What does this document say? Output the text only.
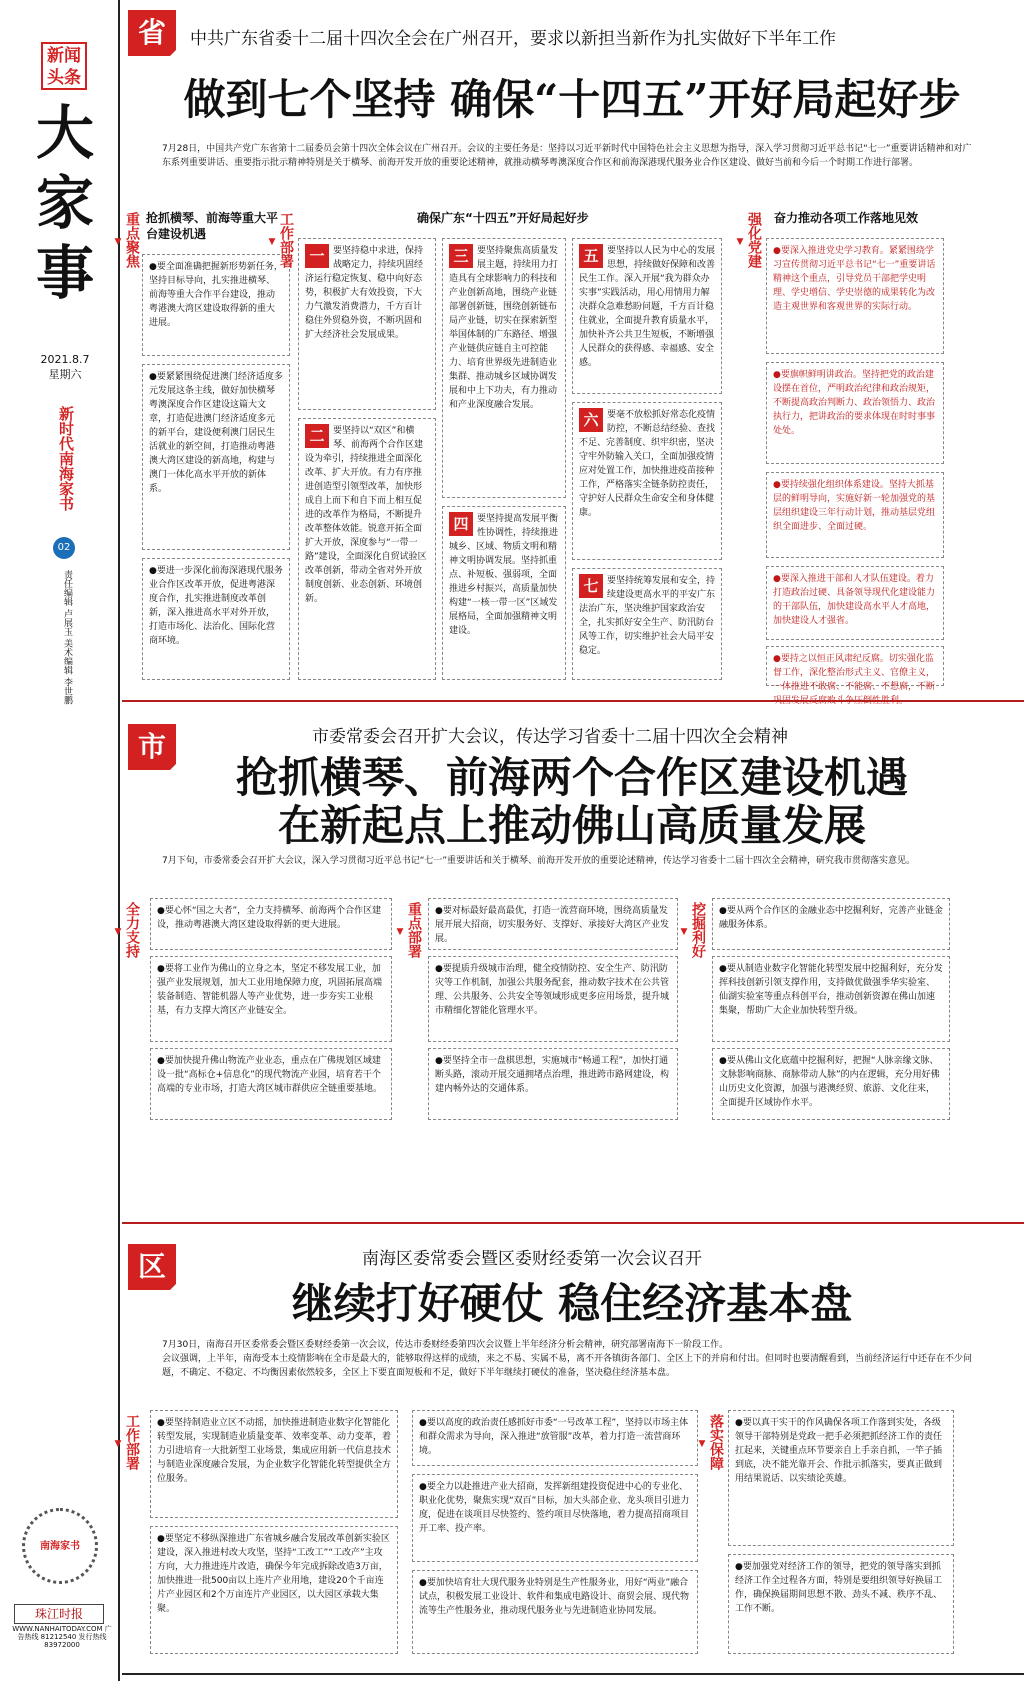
新闻头条
大家事
2021.8.7
星期六
新时代南海家书
02
责任编辑 卢展玉 美术编辑 李世鹏
南海家书
珠江时报
WWW.NANHAITODAY.COM 广告热线 81212540 发行热线 83972000
省	中共广东省委十二届十四次全会在广州召开，要求以新担当新作为扎实做好下半年工作
做到七个坚持 确保“十四五”开好局起好步
7月28日，中国共产党广东省第十二届委员会第十四次全体会议在广州召开。会议的主要任务是：坚持以习近平新时代中国特色社会主义思想为指导，深入学习贯彻习近平总书记“七一”重要讲话精神和对广东系列重要讲话、重要指示批示精神特别是关于横琴、前海开发开放的重要论述精神，就推动横琴粤澳深度合作区和前海深港现代服务业合作区建设、做好当前和今后一个时期工作进行部署。
重点聚焦 ▼ 抢抓横琴、前海等重大平台建设机遇
●要全面准确把握新形势新任务，坚持目标导向，扎实推进横琴、前海等重大合作平台建设，推动粤港澳大湾区建设取得新的重大进展。
●要紧紧围绕促进澳门经济适度多元发展这条主线，做好加快横琴粤澳深度合作区建设这篇大文章，打造促进澳门经济适度多元的新平台，建设便利澳门居民生活就业的新空间，打造推动粤港澳大湾区建设的新高地，构建与澳门一体化高水平开放的新体系。
●要进一步深化前海深港现代服务业合作区改革开放，促进粤港深度合作，扎实推进制度改革创新，深入推进高水平对外开放，打造市场化、法治化、国际化营商环境。
工作部署 ▼	确保广东“十四五”开好局起好步
一 要坚持稳中求进，保持战略定力，持续巩固经济运行稳定恢复、稳中向好态势，积极扩大有效投资，下大力气激发消费潜力，千方百计稳住外贸稳外资，不断巩固和扩大经济社会发展成果。
二 要坚持以“双区”和横琴、前海两个合作区建设为牵引，持续推进全面深化改革、扩大开放。有力有序推进创造型引领型改革，加快形成自上而下和自下而上相互促进的改革作为格局，不断提升改革整体效能。锐意开拓全面扩大开放，深度参与“一带一路”建设，全面深化自贸试验区改革创新，带动全省对外开放制度创新、业态创新、环境创新。
三 要坚持聚焦高质量发展主题，持续用力打造具有全球影响力的科技和产业创新高地，围绕产业链部署创新链，围绕创新链布局产业链，切实在探索新型举国体制的广东路径、增强产业链供应链自主可控能力、培育世界级先进制造业集群、推动城乡区域协调发展和中上下功夫，有力推动和产业深度融合发展。
四 要坚持提高发展平衡性协调性，持续推进城乡、区域、物质文明和精神文明协调发展。坚持抓重点、补短板、强弱项，全面推进乡村振兴，高质量加快构建“一核一带一区”区域发展格局，全面加强精神文明建设。
五 要坚持以人民为中心的发展思想，持续做好保障和改善民生工作。深入开展“我为群众办实事”实践活动，用心用情用力解决群众急难愁盼问题，千方百计稳住就业，全面提升教育质量水平，加快补齐公共卫生短板，不断增强人民群众的获得感、幸福感、安全感。
六 要毫不放松抓好常态化疫情防控，不断总结经验、查找不足、完善制度、织牢织密，坚决守牢外防输入关口，全面加强疫情应对处置工作，加快推进疫苗接种工作，严格落实全链条防控责任，守护好人民群众生命安全和身体健康。
七 要坚持统筹发展和安全，持续建设更高水平的平安广东法治广东，坚决维护国家政治安全，扎实抓好安全生产、防汛防台风等工作，切实维护社会大局平安稳定。
强化党建 ▼ 奋力推动各项工作落地见效
●要深入推进党史学习教育。紧紧围绕学习宣传贯彻习近平总书记“七一”重要讲话精神这个重点，引导党员干部把学史明理、学史增信、学史崇德的成果转化为改造主观世界和客观世界的实际行动。
●要旗帜鲜明讲政治。坚持把党的政治建设摆在首位，严明政治纪律和政治规矩，不断提高政治判断力、政治领悟力、政治执行力，把讲政治的要求体现在时时事事处处。
●要持续强化组织体系建设。坚持大抓基层的鲜明导向，实施好新一轮加强党的基层组织建设三年行动计划，推动基层党组织全面进步、全面过硬。
●要深入推进干部和人才队伍建设。着力打造政治过硬、具备领导现代化建设能力的干部队伍，加快建设高水平人才高地，加快建设人才强省。
●要持之以恒正风肃纪反腐。切实强化监督工作，深化整治形式主义、官僚主义，一体推进不敢腐、不能腐、不想腐，不断
市	市委常委会召开扩大会议，传达学习省委十二届十四次全会精神
抢抓横琴、前海两个合作区建设机遇
在新起点上推动佛山高质量发展
7月下旬，市委常委会召开扩大会议，深入学习贯彻习近平总书记“七一”重要讲话和关于横琴、前海开发开放的重要论述精神，传达学习省委十二届十四次全会精神，研究我市贯彻落实意见。
全力支持 ▼	●要心怀“国之大者”，全力支持横琴、前海两个合作区建设，推动粤港澳大湾区建设取得新的更大进展。
●要将工业作为佛山的立身之本，坚定不移发展工业，加强产业发展规划，加大工业用地保障力度，巩固拓展高端装备制造、智能机器人等产业优势，进一步夯实工业根基，有力支撑大湾区产业链安全。
●要加快提升佛山物流产业业态，重点在广佛规划区域建设一批“高标仓+信息化”的现代物流产业园，培育若干个高端的专业市场，打造大湾区城市群供应全链重要基地。
重点部署 ▼	●要对标最好最高最优，打造一流营商环境，围绕高质量发展开展大招商，切实服务好、支撑好、承接好大湾区产业发展。
●要提质升级城市治理，健全疫情防控、安全生产、防汛防灾等工作机制，加强公共服务配套，推动数字技术在公共管理、公共服务、公共安全等领域形成更多应用场景，提升城市精细化智能化管理水平。
●要坚持全市一盘棋思想，实施城市“畅通工程”，加快打通断头路，滚动开展交通拥堵点治理，推进跨市路网建设，构建内畅外达的交通体系。
挖掘利好 ▼	●要从两个合作区的金融业态中挖掘利好，完善产业链金融服务体系。
●要从制造业数字化智能化转型发展中挖掘利好，充分发挥科技创新引领支撑作用，支持做优做强季华实验室、仙湖实验室等重点科创平台，推动创新资源在佛山加速集聚，帮助广大企业加快转型升级。
●要从佛山文化底蕴中挖掘利好，把握“人脉亲缘文脉、文脉影响商脉、商脉带动人脉”的内在逻辑，充分用好佛山历史文化资源，加强与港澳经贸、旅游、文化往来，全面提升区域协作水平。
区	南海区委常委会暨区委财经委第一次会议召开
继续打好硬仗 稳住经济基本盘
7月30日，南海召开区委常委会暨区委财经委第一次会议，传达市委财经委第四次会议暨上半年经济分析会精神，研究部署南海下一阶段工作。
会议强调，上半年，南海受本土疫情影响在全市是最大的，能够取得这样的成绩，来之不易、实属不易，离不开各镇街各部门、全区上下的并肩和付出。但同时也要清醒看到，当前经济运行中还存在不少问题，不确定、不稳定、不均衡因素依然较多，全区上下要直面短板和不足，做好下半年继续打硬仗的准备，坚决稳住经济基本盘。
工作部署 ▼	●要坚持制造业立区不动摇，加快推进制造业数字化智能化转型发展，实现制造业质量变革、效率变革、动力变革，着力引进培育一大批新型工业场景，集成应用新一代信息技术与制造业深度融合发展，为企业数字化智能化转型提供全方位服务。
●要坚定不移纵深推进广东省城乡融合发展改革创新实验区建设，深入推进村改大攻坚，坚持“工改工”“工改产”主攻方向，大力推进连片改造，确保今年完成拆除改造3万亩，加快推进一批500亩以上连片产业用地，建设20个千亩连片产业园区和2个万亩连片产业园区，以大园区承载大集聚。
●要以高度的政治责任感抓好市委“一号改革工程”，坚持以市场主体和群众需求为导向，深入推进“放管服”改革，着力打造一流营商环境。
●要全力以赴推进产业大招商，发挥新组建投资促进中心的专业化、职业化优势，聚焦实现“双百”目标，加大头部企业、龙头项目引进力度，促进在谈项目尽快签约、签约项目尽快落地，着力提高招商项目开工率、投产率。
●要加快培育壮大现代服务业特别是生产性服务业，用好“两业”融合试点，积极发展工业设计、软件和集成电路设计、商贸会展、现代物流等生产性服务业，推动现代服务业与先进制造业协同发展。
落实保障 ▼	●要以真干实干的作风确保各项工作落到实处，各级领导干部特别是党政一把手必须把抓经济工作的责任扛起来，关键重点环节要亲自上手亲自抓，一竿子插到底，决不能光靠开会、作批示抓落实，要真正做到用结果说话、以实绩论英雄。
●要加强党对经济工作的领导，把党的领导落实到抓经济工作全过程各方面，特别是要组织领导好换届工作，确保换届期间思想不散、劲头不减、秩序不乱、工作不断。
